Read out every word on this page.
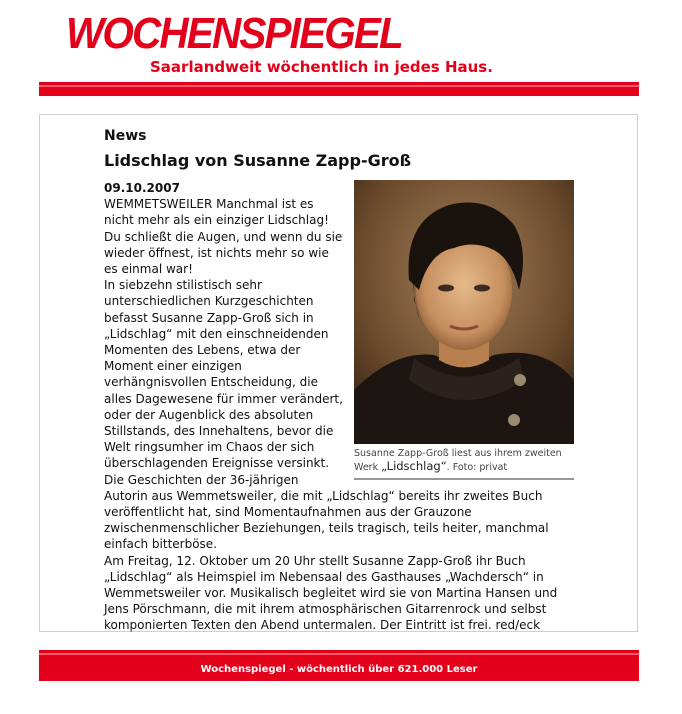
WOCHENSPIEGEL
Saarlandweit wöchentlich in jedes Haus.
News
Lidschlag von Susanne Zapp-Groß
Susanne Zapp-Groß liest aus ihrem zweiten Werk „Lidschlag“. Foto: privat
09.10.2007

WEMMETSWEILER Manchmal ist es nicht mehr als ein einziger Lidschlag! Du schließt die Augen, und wenn du sie wieder öffnest, ist nichts mehr so wie es einmal war!

In siebzehn stilistisch sehr unterschiedlichen Kurzgeschichten befasst Susanne Zapp-Groß sich in „Lidschlag“ mit den einschneidenden Momenten des Lebens, etwa der Moment einer einzigen verhängnisvollen Entscheidung, die alles Dagewesene für immer verändert, oder der Augenblick des absoluten Stillstands, des Innehaltens, bevor die Welt ringsumher im Chaos der sich überschlagenden Ereignisse versinkt. Die Geschichten der 36-jährigen Autorin aus Wemmetsweiler, die mit „Lidschlag“ bereits ihr zweites Buch veröffentlicht hat, sind Momentaufnahmen aus der Grauzone zwischenmenschlicher Beziehungen, teils tragisch, teils heiter, manchmal einfach bitterböse.

Am Freitag, 12. Oktober um 20 Uhr stellt Susanne Zapp-Groß ihr Buch „Lidschlag“ als Heimspiel im Nebensaal des Gasthauses „Wachdersch“ in Wemmetsweiler vor. Musikalisch begleitet wird sie von Martina Hansen und Jens Pörschmann, die mit ihrem atmosphärischen Gitarrenrock und selbst komponierten Texten den Abend untermalen. Der Eintritt ist frei. red/eck

Wochenspiegel - wöchentlich über 621.000 Leser
